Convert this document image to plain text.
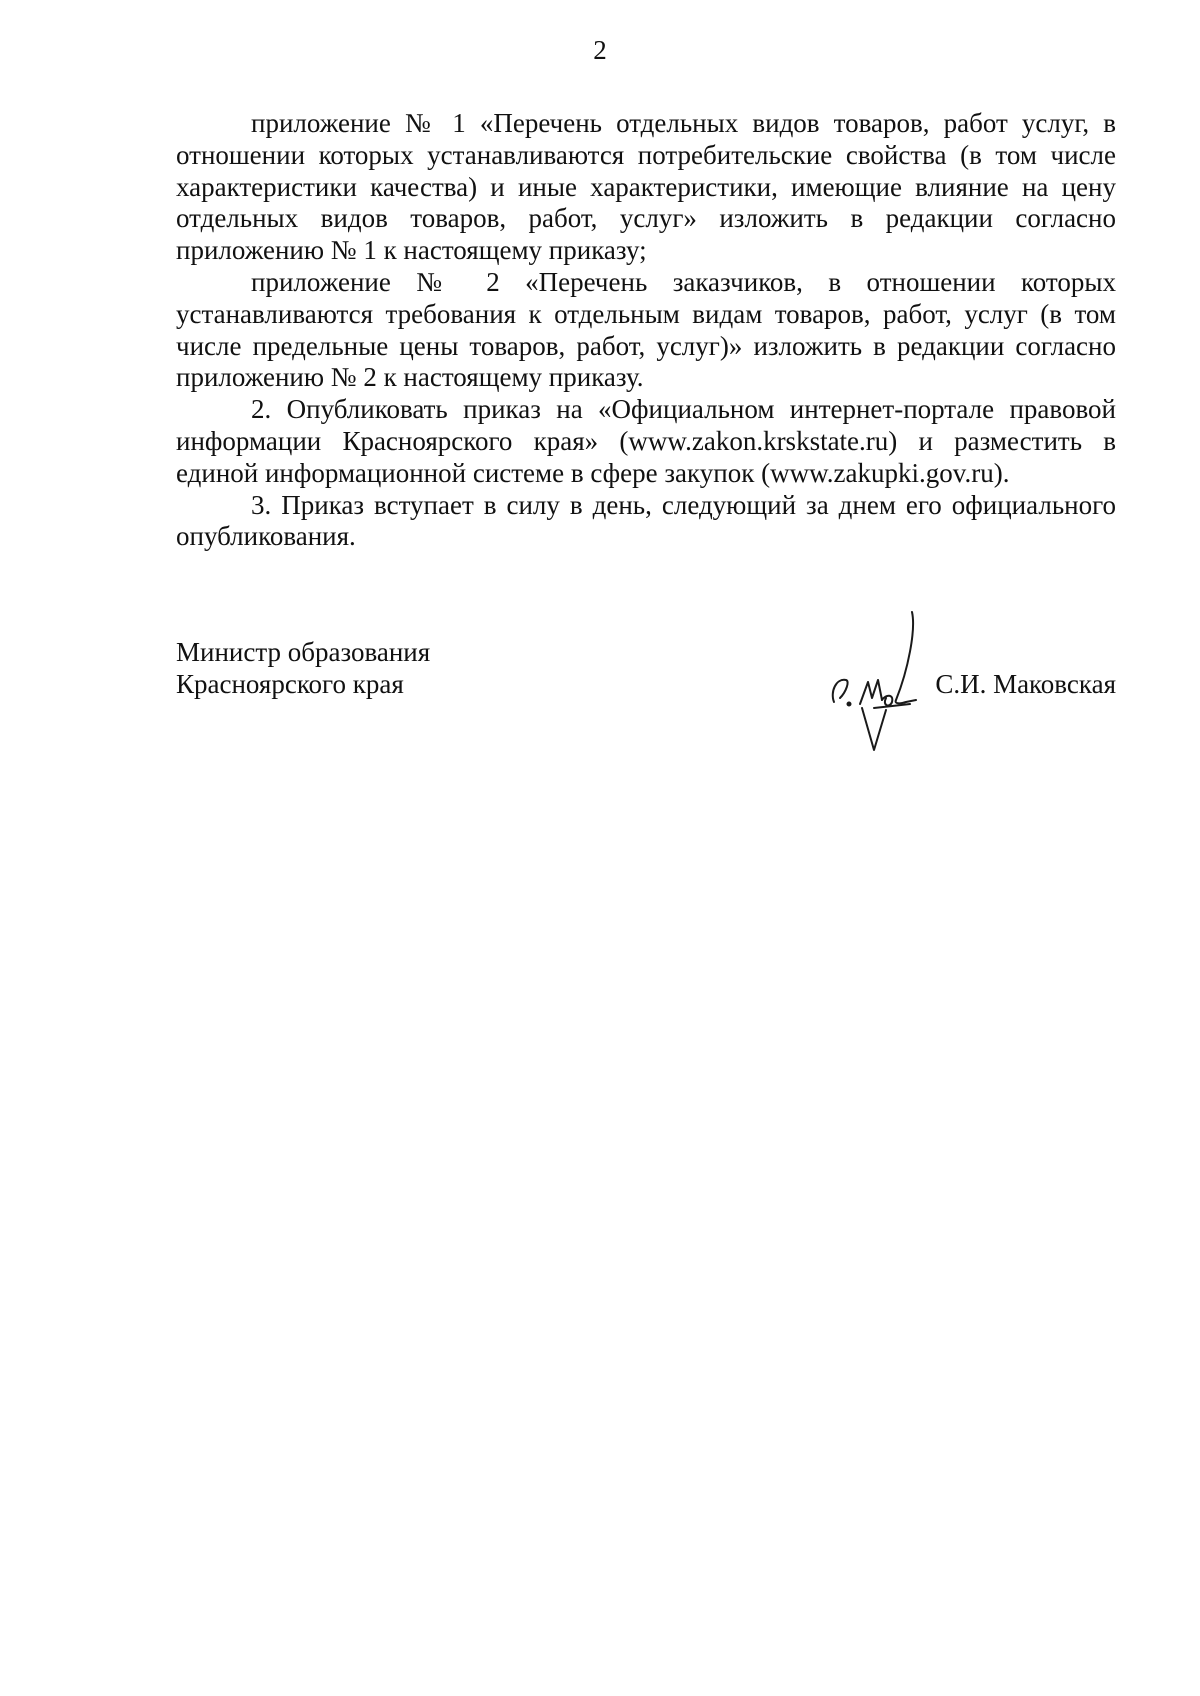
2

приложение № 1 «Перечень отдельных видов товаров, работ услуг, в отношении которых устанавливаются потребительские свойства (в том числе характеристики качества) и иные характеристики, имеющие влияние на цену отдельных видов товаров, работ, услуг» изложить в редакции согласно приложению № 1 к настоящему приказу;

приложение № 2 «Перечень заказчиков, в отношении которых устанавливаются требования к отдельным видам товаров, работ, услуг (в том числе предельные цены товаров, работ, услуг)» изложить в редакции согласно приложению № 2 к настоящему приказу.

2. Опубликовать приказ на «Официальном интернет-портале правовой информации Красноярского края» (www.zakon.krskstate.ru) и разместить в единой информационной системе в сфере закупок (www.zakupki.gov.ru).

3. Приказ вступает в силу в день, следующий за днем его официального опубликования.

Министр образования
Красноярского края	С.И. Маковская
